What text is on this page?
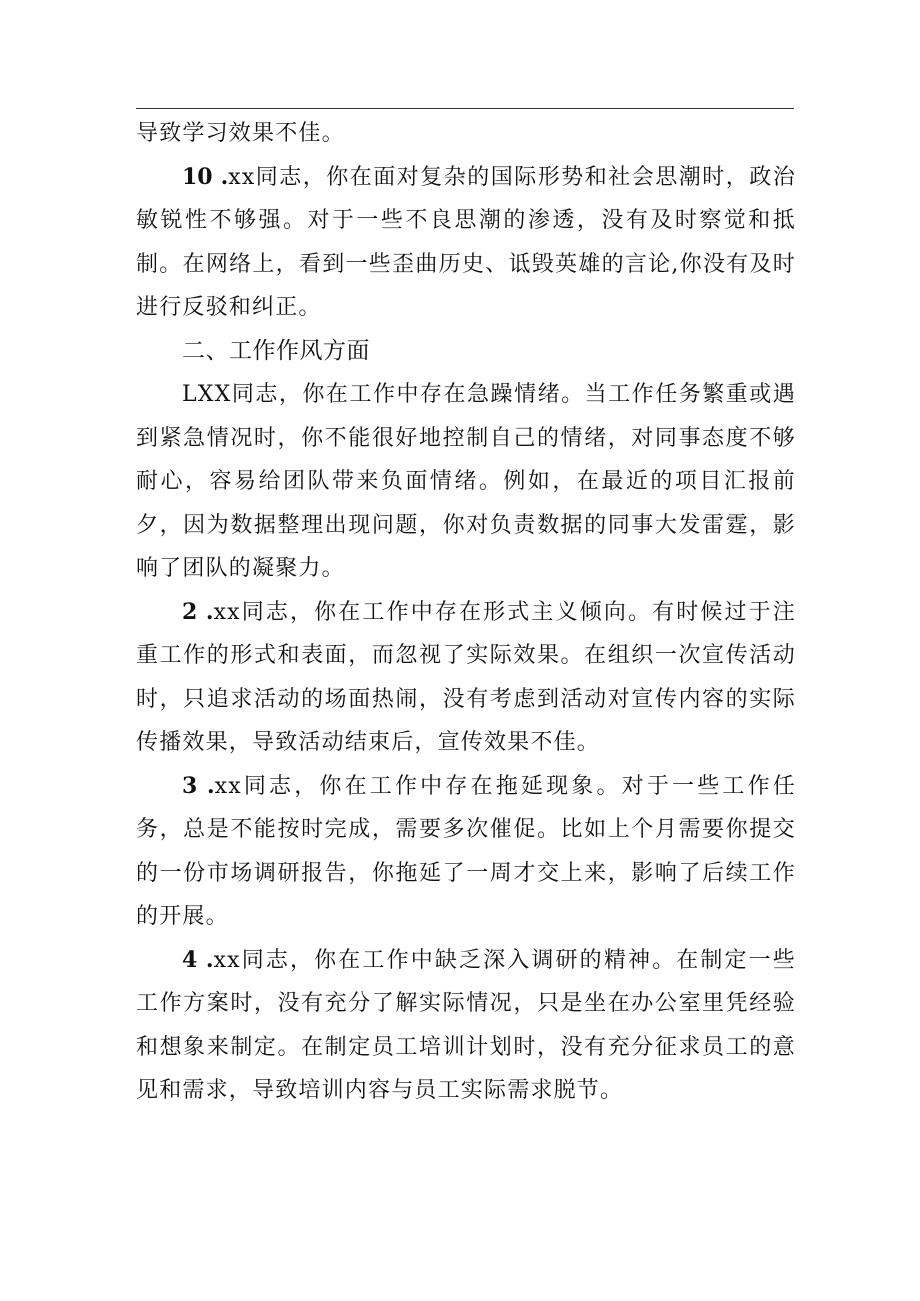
导致学习效果不佳。

10 .xx同志，你在面对复杂的国际形势和社会思潮时，政治敏锐性不够强。对于一些不良思潮的渗透，没有及时察觉和抵制。在网络上，看到一些歪曲历史、诋毁英雄的言论,你没有及时进行反驳和纠正。

二、工作作风方面

LXX同志，你在工作中存在急躁情绪。当工作任务繁重或遇到紧急情况时，你不能很好地控制自己的情绪，对同事态度不够耐心，容易给团队带来负面情绪。例如，在最近的项目汇报前夕，因为数据整理出现问题，你对负责数据的同事大发雷霆，影响了团队的凝聚力。

2 .xx同志，你在工作中存在形式主义倾向。有时候过于注重工作的形式和表面，而忽视了实际效果。在组织一次宣传活动时，只追求活动的场面热闹，没有考虑到活动对宣传内容的实际传播效果，导致活动结束后，宣传效果不佳。

3 .xx同志，你在工作中存在拖延现象。对于一些工作任务，总是不能按时完成，需要多次催促。比如上个月需要你提交的一份市场调研报告，你拖延了一周才交上来，影响了后续工作的开展。

4 .xx同志，你在工作中缺乏深入调研的精神。在制定一些工作方案时，没有充分了解实际情况，只是坐在办公室里凭经验和想象来制定。在制定员工培训计划时，没有充分征求员工的意见和需求，导致培训内容与员工实际需求脱节。
